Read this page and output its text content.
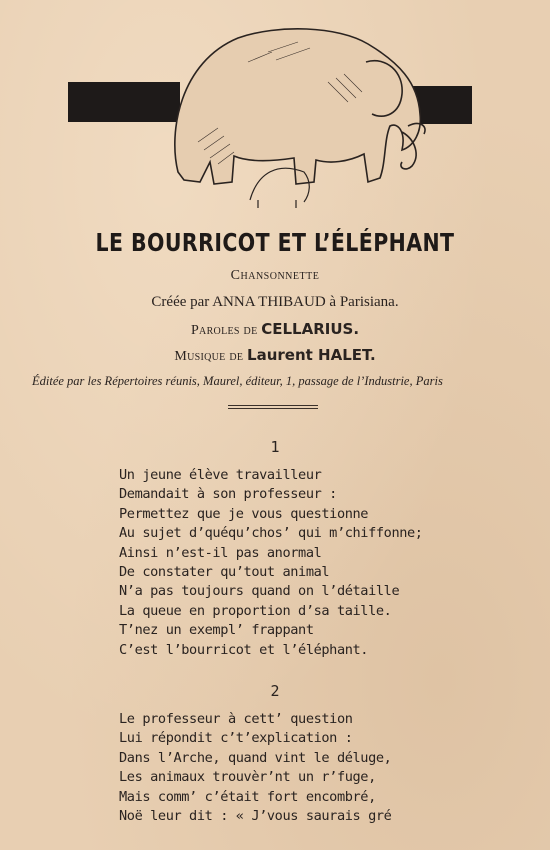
LE BOURRICOT ET L’ÉLÉPHANT
Chansonnette
Créée par ANNA THIBAUD à Parisiana.
Paroles de CELLARIUS.
Musique de Laurent HALET.
Éditée par les Répertoires réunis, Maurel, éditeur, 1, passage de l’Industrie, Paris
1
Un jeune élève travailleur
Demandait à son professeur :
Permettez que je vous questionne
Au sujet d’quéqu’chos’ qui m’chiffonne;
Ainsi n’est-il pas anormal
De constater qu’tout animal
N’a pas toujours quand on l’détaille
La queue en proportion d’sa taille.
T’nez un exempl’ frappant
C’est l’bourricot et l’éléphant.
2
Le professeur à cett’ question
Lui répondit c’t’explication :
Dans l’Arche, quand vint le déluge,
Les animaux trouvèr’nt un r’fuge,
Mais comm’ c’était fort encombré,
Noë leur dit : « J’vous saurais gré
